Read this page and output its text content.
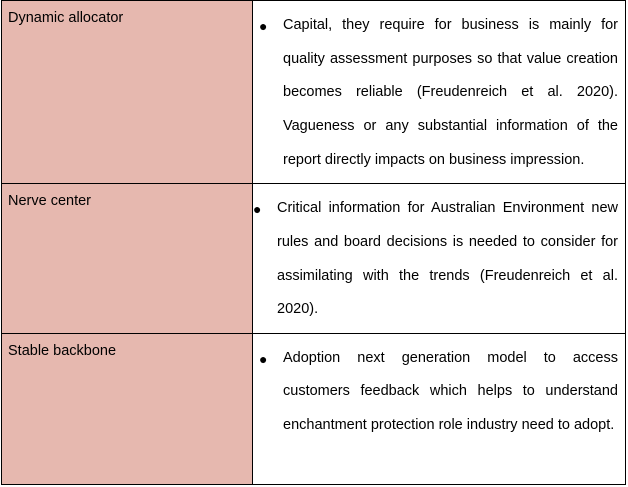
Dynamic allocator	● Capital, they require for business is mainly for quality assessment purposes so that value creation becomes reliable (Freudenreich et al. 2020). Vagueness or any substantial information of the report directly impacts on business impression.

Nerve center	● Critical information for Australian Environment new rules and board decisions is needed to consider for assimilating with the trends (Freudenreich et al. 2020).

Stable backbone	● Adoption next generation model to access customers feedback which helps to understand enchantment protection role industry need to adopt.
